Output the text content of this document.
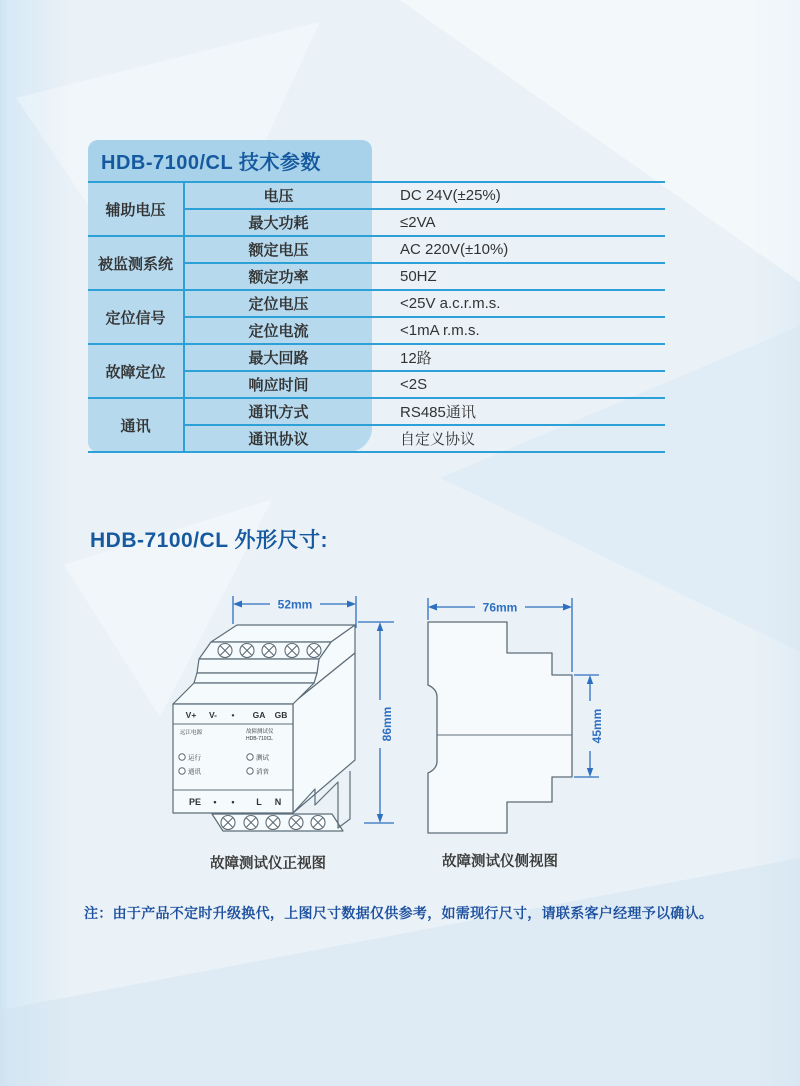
HDB-7100/CL 技术参数
辅助电压
电压	DC 24V(±25%)
最大功耗	≤2VA
被监测系统
额定电压	AC 220V(±10%)
额定功率	50HZ
定位信号
定位电压	<25V a.c.r.m.s.
定位电流	<1mA r.m.s.
故障定位
最大回路	12路
响应时间	<2S
通讯
通讯方式	RS485通讯
通讯协议	自定义协议
HDB-7100/CL 外形尺寸:
52mm
86mm
V+ V- • GA GB
远江电源	故障测试仪
HDB-710CL
运行
通讯
测试
消音
PE • • L N
76mm
45mm
故障测试仪正视图	故障测试仪侧视图
注：由于产品不定时升级换代，上图尺寸数据仅供参考，如需现行尺寸，请联系客户经理予以确认。
